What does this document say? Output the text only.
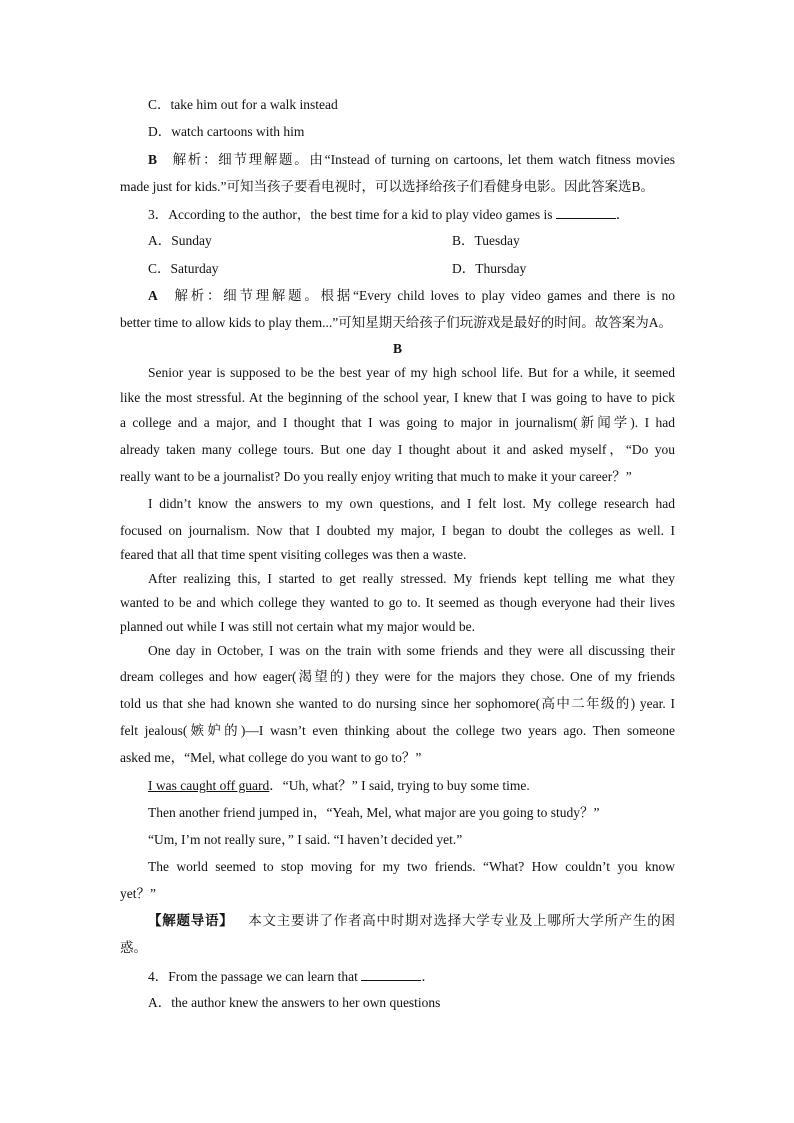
C．take him out for a walk instead
D．watch cartoons with him
B 解析：细节理解题。由“Instead of turning on cartoons, let them watch fitness movies
made just for kids.”可知当孩子要看电视时，可以选择给孩子们看健身电影。因此答案选B。
3．According to the author，the best time for a kid to play video games is	．
A．Sunday	B．Tuesday
C．Saturday	D．Thursday
A 解析：细节理解题。根据“Every child loves to play video games and there is no
better time to allow kids to play them...”可知星期天给孩子们玩游戏是最好的时间。故答案为A。
B
Senior year is supposed to be the best year of my high school life. But for a while, it seemed
like the most stressful. At the beginning of the school year, I knew that I was going to have to pick
a college and a major, and I thought that I was going to major in journalism(新闻学). I had
already taken many college tours. But one day I thought about it and asked myself，“Do you
really want to be a journalist? Do you really enjoy writing that much to make it your career？”
I didn’t know the answers to my own questions, and I felt lost. My college research had
focused on journalism. Now that I doubted my major, I began to doubt the colleges as well. I
feared that all that time spent visiting colleges was then a waste.
After realizing this, I started to get really stressed. My friends kept telling me what they
wanted to be and which college they wanted to go to. It seemed as though everyone had their lives
planned out while I was still not certain what my major would be.
One day in October, I was on the train with some friends and they were all discussing their
dream colleges and how eager(渴望的) they were for the majors they chose. One of my friends
told us that she had known she wanted to do nursing since her sophomore(高中二年级的) year. I
felt jealous(嫉妒的)—I wasn’t even thinking about the college two years ago. Then someone
asked me，“Mel, what college do you want to go to？”
I was caught off guard．“Uh, what？” I said, trying to buy some time.
Then another friend jumped in，“Yeah, Mel, what major are you going to study？”
“Um, I’m not really sure，” I said. “I haven’t decided yet.”
The world seemed to stop moving for my two friends. “What? How couldn’t you know
yet？”
【解题导语】 本文主要讲了作者高中时期对选择大学专业及上哪所大学所产生的困
惑。
4．From the passage we can learn that	．
A．the author knew the answers to her own questions
